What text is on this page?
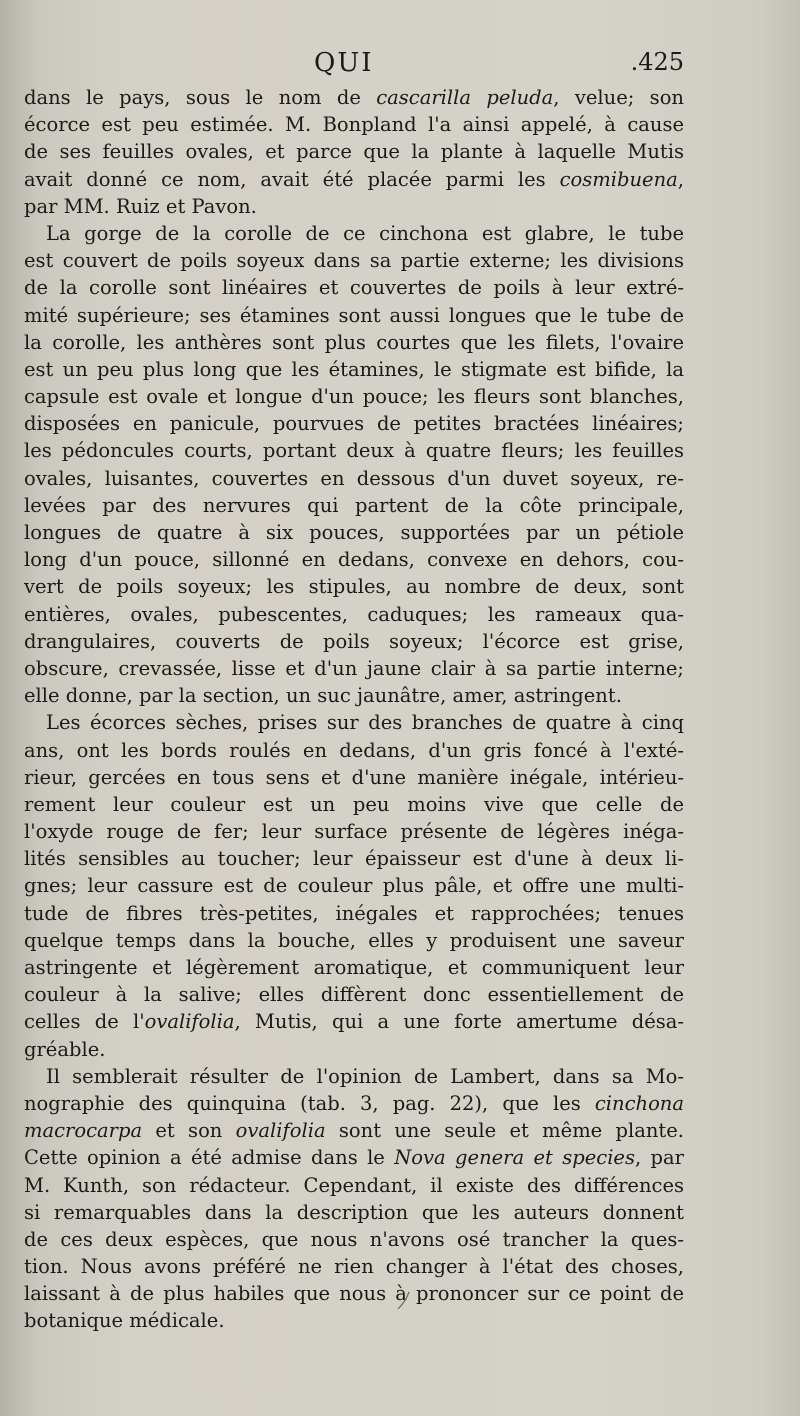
QUI	.425
dans le pays, sous le nom de cascarilla peluda, velue; son
écorce est peu estimée. M. Bonpland l'a ainsi appelé, à cause
de ses feuilles ovales, et parce que la plante à laquelle Mutis
avait donné ce nom, avait été placée parmi les cosmibuena,
par MM. Ruiz et Pavon.
La gorge de la corolle de ce cinchona est glabre, le tube
est couvert de poils soyeux dans sa partie externe; les divisions
de la corolle sont linéaires et couvertes de poils à leur extré-
mité supérieure; ses étamines sont aussi longues que le tube de
la corolle, les anthères sont plus courtes que les filets, l'ovaire
est un peu plus long que les étamines, le stigmate est bifide, la
capsule est ovale et longue d'un pouce; les fleurs sont blanches,
disposées en panicule, pourvues de petites bractées linéaires;
les pédoncules courts, portant deux à quatre fleurs; les feuilles
ovales, luisantes, couvertes en dessous d'un duvet soyeux, re-
levées par des nervures qui partent de la côte principale,
longues de quatre à six pouces, supportées par un pétiole
long d'un pouce, sillonné en dedans, convexe en dehors, cou-
vert de poils soyeux; les stipules, au nombre de deux, sont
entières, ovales, pubescentes, caduques; les rameaux qua-
drangulaires, couverts de poils soyeux; l'écorce est grise,
obscure, crevassée, lisse et d'un jaune clair à sa partie interne;
elle donne, par la section, un suc jaunâtre, amer, astringent.
Les écorces sèches, prises sur des branches de quatre à cinq
ans, ont les bords roulés en dedans, d'un gris foncé à l'exté-
rieur, gercées en tous sens et d'une manière inégale, intérieu-
rement leur couleur est un peu moins vive que celle de
l'oxyde rouge de fer; leur surface présente de légères inéga-
lités sensibles au toucher; leur épaisseur est d'une à deux li-
gnes; leur cassure est de couleur plus pâle, et offre une multi-
tude de fibres très-petites, inégales et rapprochées; tenues
quelque temps dans la bouche, elles y produisent une saveur
astringente et légèrement aromatique, et communiquent leur
couleur à la salive; elles diffèrent donc essentiellement de
celles de l'ovalifolia, Mutis, qui a une forte amertume désa-
gréable.
Il semblerait résulter de l'opinion de Lambert, dans sa Mo-
nographie des quinquina (tab. 3, pag. 22), que les cinchona
macrocarpa et son ovalifolia sont une seule et même plante.
Cette opinion a été admise dans le Nova genera et species, par
M. Kunth, son rédacteur. Cependant, il existe des différences
si remarquables dans la description que les auteurs donnent
de ces deux espèces, que nous n'avons osé trancher la ques-
tion. Nous avons préféré ne rien changer à l'état des choses,
laissant à de plus habiles que nous à prononcer sur ce point de
botanique médicale.
